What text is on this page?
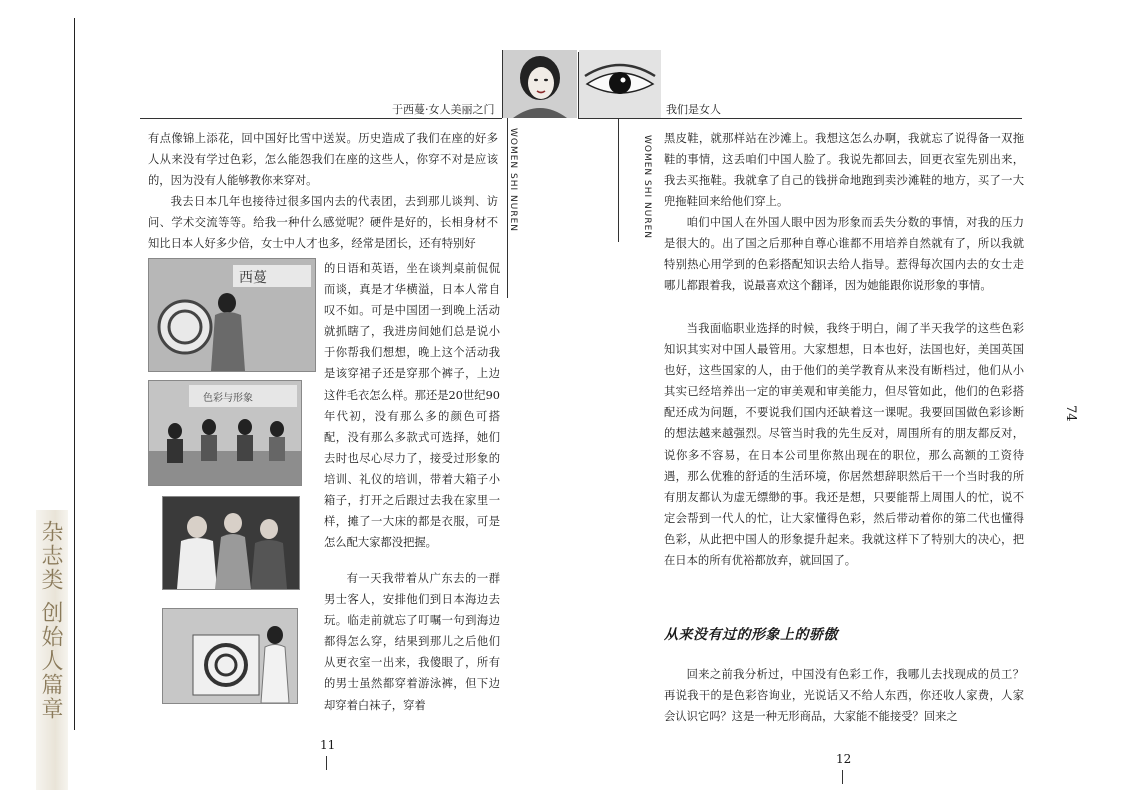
杂志类 创始人篇章
于西蔓·女人美丽之门	我们是女人
WOMEN SHI NUREN	WOMEN SHI NUREN
有点像锦上添花，回中国好比雪中送炭。历史造成了我们在座的好多人从来没有学过色彩，怎么能怨我们在座的这些人，你穿不对是应该的，因为没有人能够教你来穿对。
我去日本几年也接待过很多国内去的代表团，去到那儿谈判、访问、学术交流等等。给我一种什么感觉呢？硬件是好的，长相身材不知比日本人好多少倍，女士中人才也多，经常是团长，还有特别好
西蔓
色彩与形象
的日语和英语，坐在谈判桌前侃侃而谈，真是才华横溢，日本人常自叹不如。可是中国团一到晚上活动就抓瞎了，我进房间她们总是说小于你帮我们想想，晚上这个活动我是该穿裙子还是穿那个裤子，上边这件毛衣怎么样。那还是20世纪90年代初，没有那么多的颜色可搭配，没有那么多款式可选择，她们去时也尽心尽力了，接受过形象的培训、礼仪的培训，带着大箱子小箱子，打开之后跟过去我在家里一样，摊了一大床的都是衣服，可是怎么配大家都没把握。
有一天我带着从广东去的一群男士客人，安排他们到日本海边去玩。临走前就忘了叮嘱一句到海边都得怎么穿，结果到那儿之后他们从更衣室一出来，我傻眼了，所有的男士虽然都穿着游泳裤，但下边却穿着白袜子，穿着
11
黑皮鞋，就那样站在沙滩上。我想这怎么办啊，我就忘了说得备一双拖鞋的事情，这丢咱们中国人脸了。我说先都回去，回更衣室先别出来，我去买拖鞋。我就拿了自己的钱拼命地跑到卖沙滩鞋的地方，买了一大兜拖鞋回来给他们穿上。
咱们中国人在外国人眼中因为形象而丢失分数的事情，对我的压力是很大的。出了国之后那种自尊心谁都不用培养自然就有了，所以我就特别热心用学到的色彩搭配知识去给人指导。惹得每次国内去的女士走哪儿都跟着我，说最喜欢这个翻译，因为她能跟你说形象的事情。
当我面临职业选择的时候，我终于明白，闹了半天我学的这些色彩知识其实对中国人最管用。大家想想，日本也好，法国也好，美国英国也好，这些国家的人，由于他们的美学教育从来没有断档过，他们从小其实已经培养出一定的审美观和审美能力，但尽管如此，他们的色彩搭配还成为问题，不要说我们国内还缺着这一课呢。我要回国做色彩诊断的想法越来越强烈。尽管当时我的先生反对，周围所有的朋友都反对，说你多不容易，在日本公司里你熬出现在的职位，那么高额的工资待遇，那么优雅的舒适的生活环境，你居然想辞职然后干一个当时我的所有朋友都认为虚无缥缈的事。我还是想，只要能帮上周围人的忙，说不定会帮到一代人的忙，让大家懂得色彩，然后带动着你的第二代也懂得色彩，从此把中国人的形象提升起来。我就这样下了特别大的决心，把在日本的所有优裕都放弃，就回国了。
从来没有过的形象上的骄傲
回来之前我分析过，中国没有色彩工作，我哪儿去找现成的员工？再说我干的是色彩咨询业，光说话又不给人东西，你还收人家费，人家会认识它吗？这是一种无形商品，大家能不能接受？回来之
12
74
